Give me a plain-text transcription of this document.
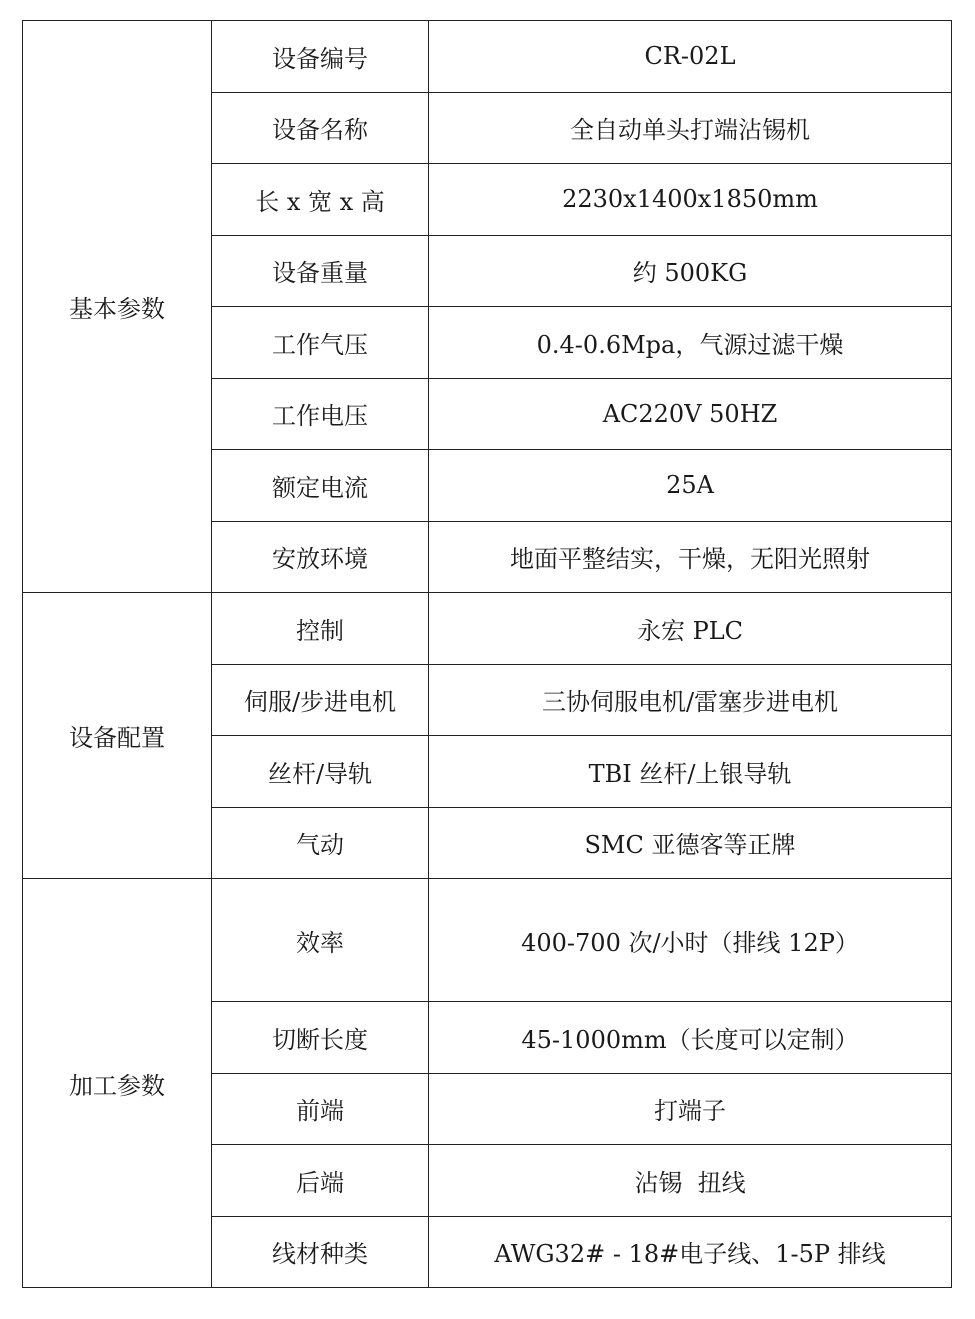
基本参数	设备编号	CR-02L
	设备名称	全自动单头打端沾锡机
	长 x 宽 x 高	2230x1400x1850mm
	设备重量	约 500KG
	工作气压	0.4-0.6Mpa，气源过滤干燥
	工作电压	AC220V 50HZ
	额定电流	25A
	安放环境	地面平整结实，干燥，无阳光照射
设备配置	控制	永宏 PLC
	伺服/步进电机	三协伺服电机/雷塞步进电机
	丝杆/导轨	TBI 丝杆/上银导轨
	气动	SMC 亚德客等正牌
加工参数	效率	400-700 次/小时（排线 12P）
	切断长度	45-1000mm（长度可以定制）
	前端	打端子
	后端	沾锡  扭线
	线材种类	AWG32# - 18#电子线、1-5P 排线
